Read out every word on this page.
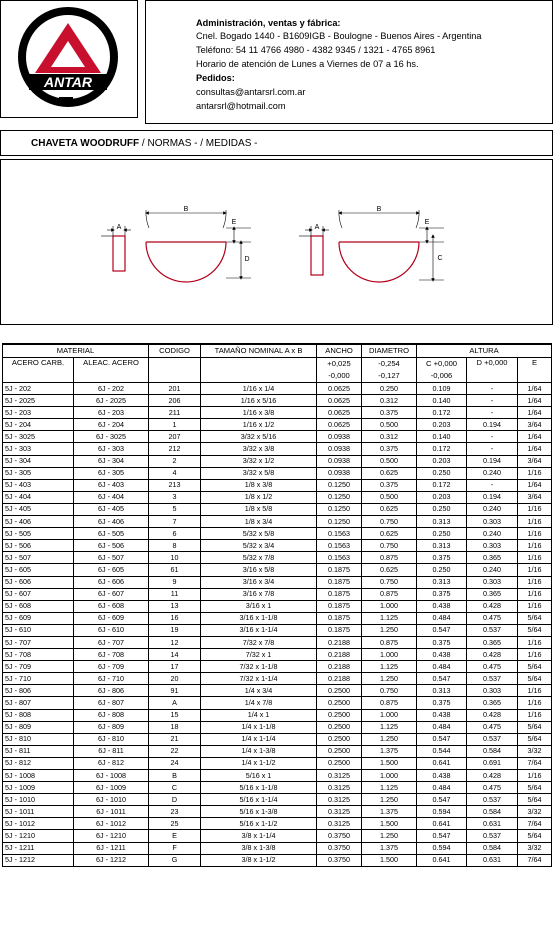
ANTAR
Administración, ventas y fábrica:
Cnel. Bogado 1440 - B1609IGB - Boulogne - Buenos Aires - Argentina
Teléfono: 54 11 4766 4980 - 4382 9345 / 1321 - 4765 8961
Horario de atención de Lunes a Viernes de 07 a 16 hs.
Pedidos:
consultas@antarsrl.com.ar
antarsrl@hotmail.com
CHAVETA WOODRUFF / NORMAS - / MEDIDAS -
A
B
E
D
A
B
E
C
MATERIAL		CODIGO	TAMAÑO NOMINAL A x B	ANCHO	DIAMETRO	ALTURA		
ACERO CARB.	ALEAC. ACERO			+0,025	-0,254	C +0,000	D +0,000	E
				-0,000	-0,127	-0,006		
5J - 202	6J - 202	201	1/16 x 1/4	0.0625	0.250	0.109	-	1/64
5J - 2025	6J - 2025	206	1/16 x 5/16	0.0625	0.312	0.140	-	1/64
5J - 203	6J - 203	211	1/16 x 3/8	0.0625	0.375	0.172	-	1/64
5J - 204	6J - 204	1	1/16 x 1/2	0.0625	0.500	0.203	0.194	3/64
5J - 3025	6J - 3025	207	3/32 x 5/16	0.0938	0.312	0.140	-	1/64
5J - 303	6J - 303	212	3/32 x 3/8	0.0938	0.375	0.172	-	1/64
5J - 304	6J - 304	2	3/32 x 1/2	0.0938	0.500	0.203	0.194	3/64
5J - 305	6J - 305	4	3/32 x 5/8	0.0938	0.625	0.250	0.240	1/16
5J - 403	6J - 403	213	1/8 x 3/8	0.1250	0.375	0.172	-	1/64
5J - 404	6J - 404	3	1/8 x 1/2	0.1250	0.500	0.203	0.194	3/64
5J - 405	6J - 405	5	1/8 x 5/8	0.1250	0.625	0.250	0.240	1/16
5J - 406	6J - 406	7	1/8 x 3/4	0.1250	0.750	0.313	0.303	1/16
5J - 505	6J - 505	6	5/32 x 5/8	0.1563	0.625	0.250	0.240	1/16
5J - 506	6J - 506	8	5/32 x 3/4	0.1563	0.750	0.313	0.303	1/16
5J - 507	6J - 507	10	5/32 x 7/8	0.1563	0.875	0.375	0.365	1/16
5J - 605	6J - 605	61	3/16 x 5/8	0.1875	0.625	0.250	0.240	1/16
5J - 606	6J - 606	9	3/16 x 3/4	0.1875	0.750	0.313	0.303	1/16
5J - 607	6J - 607	11	3/16 x 7/8	0.1875	0.875	0.375	0.365	1/16
5J - 608	6J - 608	13	3/16 x 1	0.1875	1.000	0.438	0.428	1/16
5J - 609	6J - 609	16	3/16 x 1-1/8	0.1875	1.125	0.484	0.475	5/64
5J - 610	6J - 610	19	3/16 x 1-1/4	0.1875	1.250	0.547	0.537	5/64
5J - 707	6J - 707	12	7/32 x 7/8	0.2188	0.875	0.375	0.365	1/16
5J - 708	6J - 708	14	7/32 x 1	0.2188	1.000	0.438	0.428	1/16
5J - 709	6J - 709	17	7/32 x 1-1/8	0.2188	1.125	0.484	0.475	5/64
5J - 710	6J - 710	20	7/32 x 1-1/4	0.2188	1.250	0.547	0.537	5/64
5J - 806	6J - 806	91	1/4 x 3/4	0.2500	0.750	0.313	0.303	1/16
5J - 807	6J - 807	A	1/4 x 7/8	0.2500	0.875	0.375	0.365	1/16
5J - 808	6J - 808	15	1/4 x 1	0.2500	1.000	0.438	0.428	1/16
5J - 809	6J - 809	18	1/4 x 1-1/8	0.2500	1.125	0.484	0.475	5/64
5J - 810	6J - 810	21	1/4 x 1-1/4	0.2500	1.250	0.547	0.537	5/64
5J - 811	6J - 811	22	1/4 x 1-3/8	0.2500	1.375	0.544	0.584	3/32
5J - 812	6J - 812	24	1/4 x 1-1/2	0.2500	1.500	0.641	0.691	7/64
5J - 1008	6J - 1008	B	5/16 x 1	0.3125	1.000	0.438	0.428	1/16
5J - 1009	6J - 1009	C	5/16 x 1-1/8	0.3125	1.125	0.484	0.475	5/64
5J - 1010	6J - 1010	D	5/16 x 1-1/4	0.3125	1.250	0.547	0.537	5/64
5J - 1011	6J - 1011	23	5/16 x 1-3/8	0.3125	1.375	0.594	0.584	3/32
5J - 1012	6J - 1012	25	5/16 x 1-1/2	0.3125	1.500	0.641	0.631	7/64
5J - 1210	6J - 1210	E	3/8 x 1-1/4	0.3750	1.250	0.547	0.537	5/64
5J - 1211	6J - 1211	F	3/8 x 1-3/8	0.3750	1.375	0.594	0.584	3/32
5J - 1212	6J - 1212	G	3/8 x 1-1/2	0.3750	1.500	0.641	0.631	7/64
